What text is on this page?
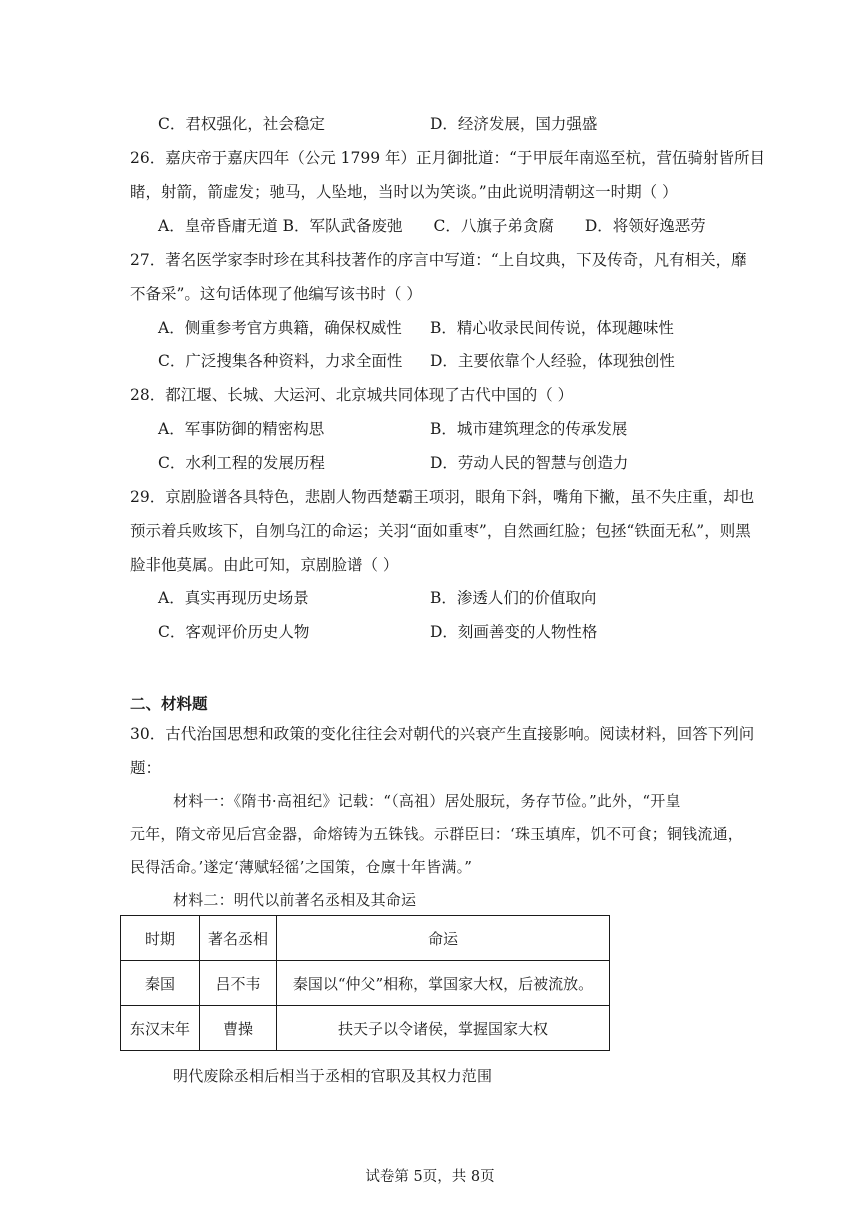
C．君权强化，社会稳定	D．经济发展，国力强盛
26．嘉庆帝于嘉庆四年（公元 1799 年）正月御批道：“于甲辰年南巡至杭，营伍骑射皆所目
睹，射箭，箭虚发；驰马，人坠地，当时以为笑谈。”由此说明清朝这一时期（ ）
A．皇帝昏庸无道 B．军队武备废弛　　C．八旗子弟贪腐　　D．将领好逸恶劳
27．著名医学家李时珍在其科技著作的序言中写道：“上自坟典，下及传奇，凡有相关，靡
不备采”。这句话体现了他编写该书时（ ）
A．侧重参考官方典籍，确保权威性 B．精心收录民间传说，体现趣味性
C．广泛搜集各种资料，力求全面性 D．主要依靠个人经验，体现独创性
28．都江堰、长城、大运河、北京城共同体现了古代中国的（ ）
A．军事防御的精密构思	B．城市建筑理念的传承发展
C．水利工程的发展历程	D．劳动人民的智慧与创造力
29．京剧脸谱各具特色，悲剧人物西楚霸王项羽，眼角下斜，嘴角下撇，虽不失庄重，却也
预示着兵败垓下，自刎乌江的命运；关羽“面如重枣”，自然画红脸；包拯“铁面无私”，则黑
脸非他莫属。由此可知，京剧脸谱（ ）
A．真实再现历史场景	B．渗透人们的价值取向
C．客观评价历史人物	D．刻画善变的人物性格
二、材料题
30．古代治国思想和政策的变化往往会对朝代的兴衰产生直接影响。阅读材料，回答下列问
题：
材料一：《隋书·高祖纪》记载：“（高祖）居处服玩，务存节俭。”此外，“开皇
元年，隋文帝见后宫金器，命熔铸为五铢钱。示群臣曰：‘珠玉填库，饥不可食；铜钱流通，
民得活命。’遂定‘薄赋轻徭’之国策，仓廪十年皆满。”
材料二：明代以前著名丞相及其命运
时期	著名丞相	命运
秦国	吕不韦	秦国以“仲父”相称，掌国家大权，后被流放。
东汉末年	曹操	扶天子以令诸侯，掌握国家大权
明代废除丞相后相当于丞相的官职及其权力范围
试卷第 5页，共 8页
